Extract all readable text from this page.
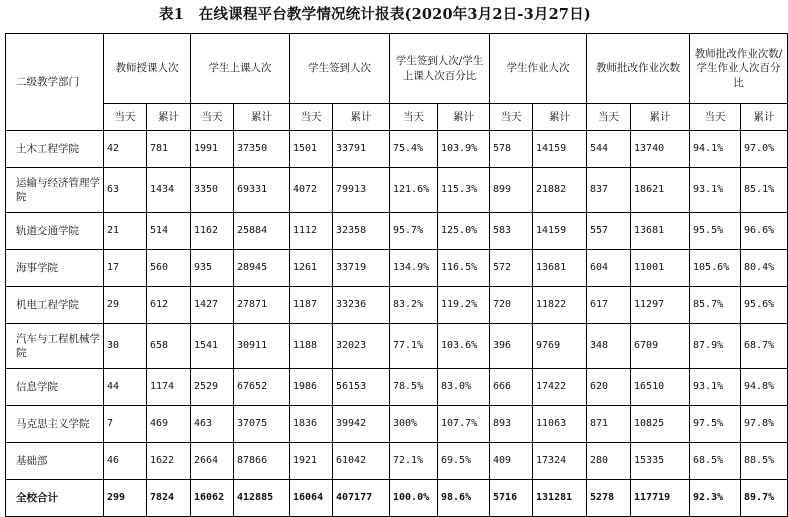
表1　在线课程平台教学情况统计报表(2020年3月2日-3月27日)
二级教学部门	教师授课人次		学生上课人次		学生签到人次		学生签到人次/学生上课人次百分比		学生作业人次		教师批改作业次数		教师批改作业次数/学生作业人次百分比	
	当天	累计	当天	累计	当天	累计	当天	累计	当天	累计	当天	累计	当天	累计
土木工程学院	42	781	1991	37350	1501	33791	75.4%	103.9%	578	14159	544	13740	94.1%	97.0%
运输与经济管理学院	63	1434	3350	69331	4072	79913	121.6%	115.3%	899	21882	837	18621	93.1%	85.1%
轨道交通学院	21	514	1162	25884	1112	32358	95.7%	125.0%	583	14159	557	13681	95.5%	96.6%
海事学院	17	560	935	28945	1261	33719	134.9%	116.5%	572	13681	604	11001	105.6%	80.4%
机电工程学院	29	612	1427	27871	1187	33236	83.2%	119.2%	720	11822	617	11297	85.7%	95.6%
汽车与工程机械学院	30	658	1541	30911	1188	32023	77.1%	103.6%	396	9769	348	6709	87.9%	68.7%
信息学院	44	1174	2529	67652	1986	56153	78.5%	83.0%	666	17422	620	16510	93.1%	94.8%
马克思主义学院	7	469	463	37075	1836	39942	300%	107.7%	893	11063	871	10825	97.5%	97.8%
基础部	46	1622	2664	87866	1921	61042	72.1%	69.5%	409	17324	280	15335	68.5%	88.5%
全校合计	299	7824	16062	412885	16064	407177	100.0%	98.6%	5716	131281	5278	117719	92.3%	89.7%
